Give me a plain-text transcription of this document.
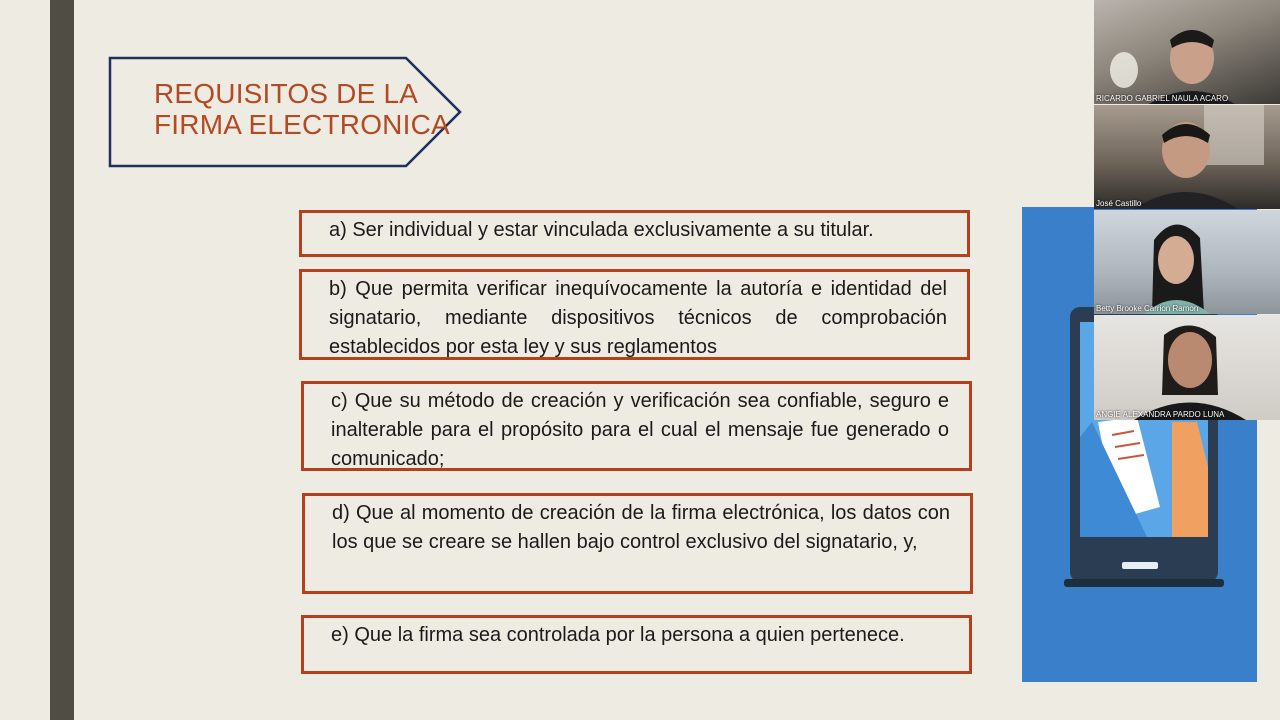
REQUISITOS DE LA
FIRMA ELECTRONICA
a) Ser individual y estar vinculada exclusivamente a su titular.
b) Que permita verificar inequívocamente la autoría e identidad del signatario, mediante dispositivos técnicos de comprobación establecidos por esta ley y sus reglamentos
c) Que su método de creación y verificación sea confiable, seguro e inalterable para el propósito para el cual el mensaje fue generado o comunicado;
d) Que al momento de creación de la firma electrónica, los datos con los que se creare se hallen bajo control exclusivo del signatario, y,
e) Que la firma sea controlada por la persona a quien pertenece.
RICARDO GABRIEL NAULA ACARO
José Castillo
Betty Brooke Carrion Ramon
ANGIE ALEXANDRA PARDO LUNA
